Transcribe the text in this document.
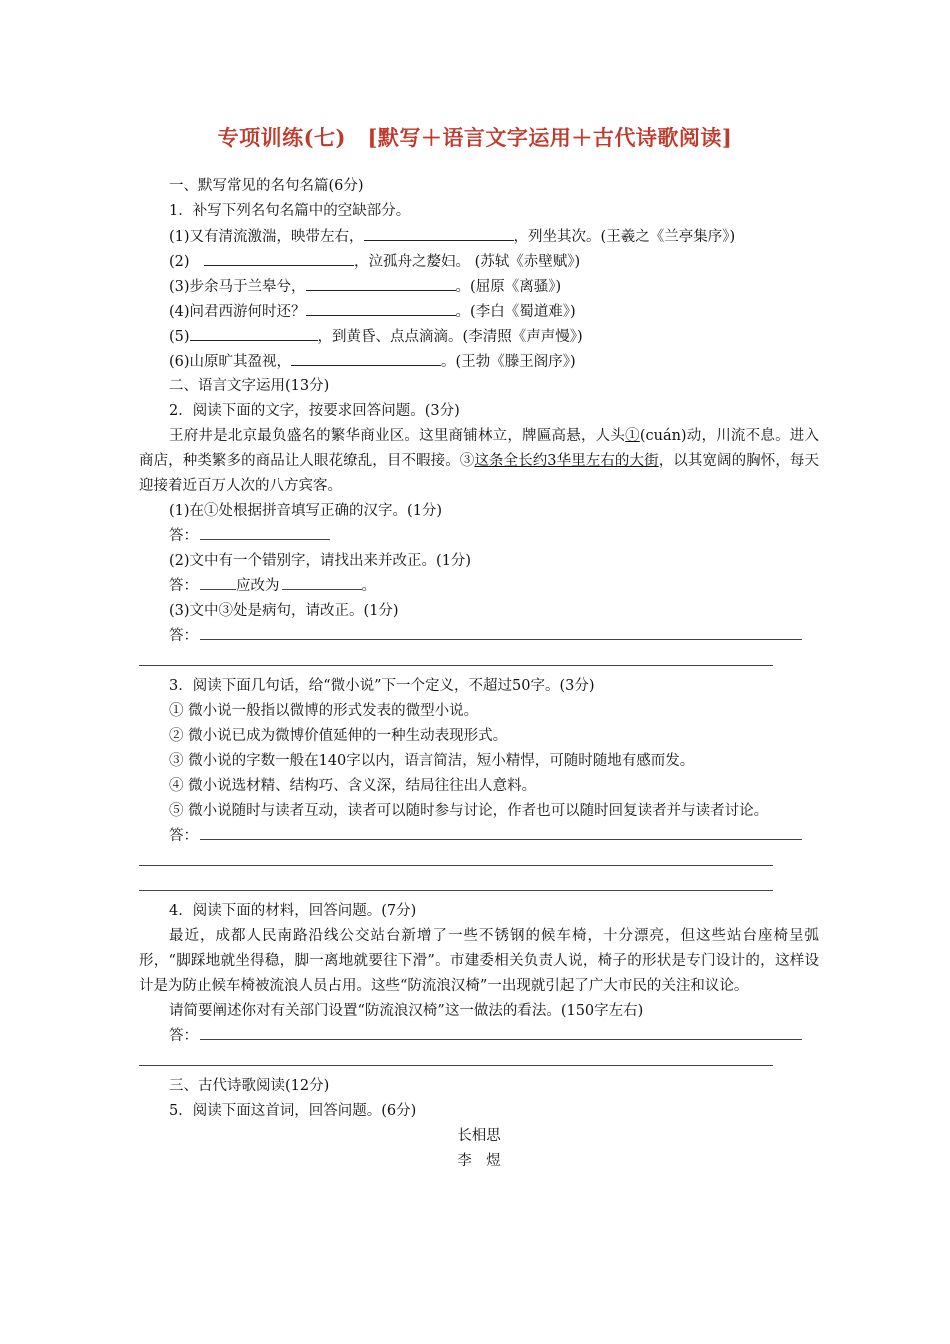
专项训练(七)　[默写＋语言文字运用＋古代诗歌阅读]
一、默写常见的名句名篇(6分)
1．补写下列名句名篇中的空缺部分。
(1)又有清流激湍，映带左右，	，列坐其次。(王羲之《兰亭集序》)
(2)　	，泣孤舟之嫠妇。 (苏轼《赤壁赋》)
(3)步余马于兰皋兮，	。(屈原《离骚》)
(4)问君西游何时还？	。(李白《蜀道难》)
(5)	，到黄昏、点点滴滴。(李清照《声声慢》)
(6)山原旷其盈视，	。(王勃《滕王阁序》)
二、语言文字运用(13分)
2．阅读下面的文字，按要求回答问题。(3分)
王府井是北京最负盛名的繁华商业区。这里商铺林立，牌匾高悬，人头①(cuán)动，川流不息。进入商店，种类繁多的商品让人眼花缭乱，目不暇接。③这条全长约3华里左右的大街，以其宽阔的胸怀，每天迎接着近百万人次的八方宾客。
(1)在①处根据拼音填写正确的汉字。(1分)
答：
(2)文中有一个错别字，请找出来并改正。(1分)
答：	应改为	。
(3)文中③处是病句，请改正。(1分)
答：
3．阅读下面几句话，给“微小说”下一个定义，不超过50字。(3分)
① 微小说一般指以微博的形式发表的微型小说。
② 微小说已成为微博价值延伸的一种生动表现形式。
③ 微小说的字数一般在140字以内，语言简洁，短小精悍，可随时随地有感而发。
④ 微小说选材精、结构巧、含义深，结局往往出人意料。
⑤ 微小说随时与读者互动，读者可以随时参与讨论，作者也可以随时回复读者并与读者讨论。
答：
4．阅读下面的材料，回答问题。(7分)
最近，成都人民南路沿线公交站台新增了一些不锈钢的候车椅，十分漂亮，但这些站台座椅呈弧形，“脚踩地就坐得稳，脚一离地就要往下滑”。市建委相关负责人说，椅子的形状是专门设计的，这样设计是为防止候车椅被流浪人员占用。这些“防流浪汉椅”一出现就引起了广大市民的关注和议论。
请简要阐述你对有关部门设置“防流浪汉椅”这一做法的看法。(150字左右)
答：
三、古代诗歌阅读(12分)
5．阅读下面这首词，回答问题。(6分)
长相思
李　煜
